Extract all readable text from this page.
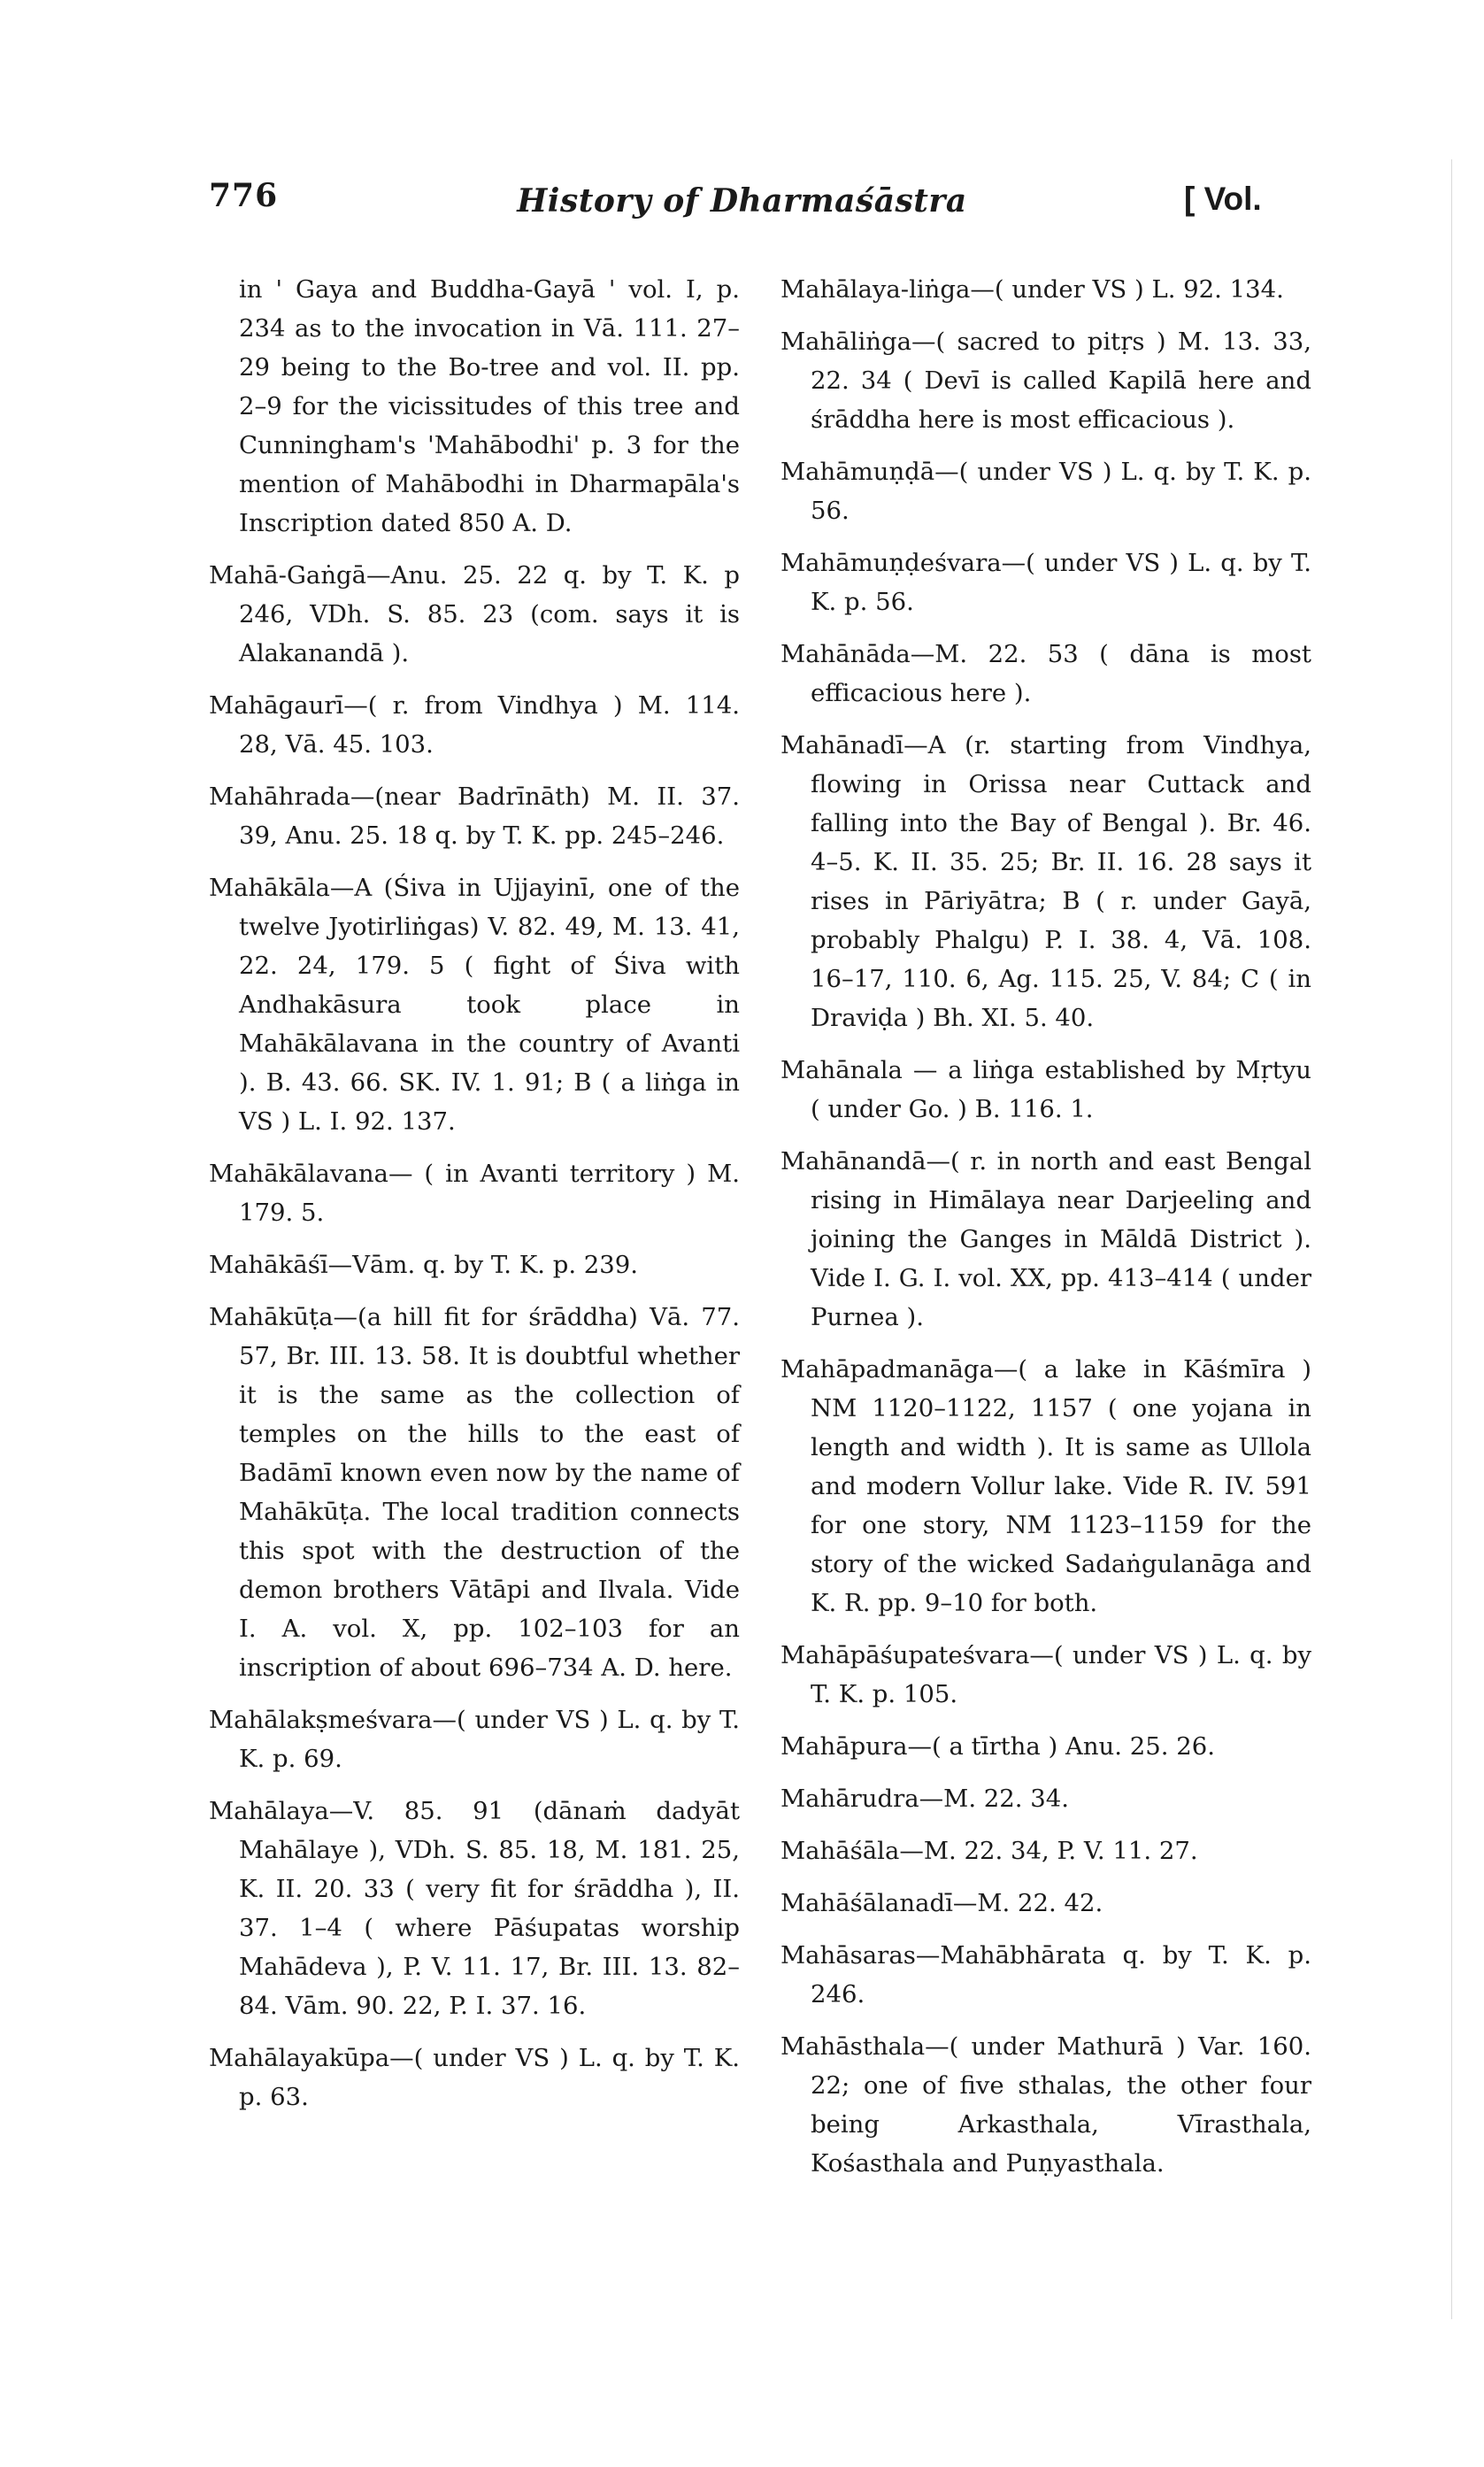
776	History of Dharmaśāstra	[ Vol.

in ' Gaya and Buddha-Gayā ' vol. I, p. 234 as to the invocation in Vā. 111. 27–29 being to the Bo-tree and vol. II. pp. 2–9 for the vicissitudes of this tree and Cunningham's 'Mahābodhi' p. 3 for the mention of Mahābodhi in Dharmapāla's Inscription dated 850 A. D.

Mahā-Gaṅgā—Anu. 25. 22 q. by T. K. p 246, VDh. S. 85. 23 (com. says it is Alakanandā ).

Mahāgaurī—( r. from Vindhya ) M. 114. 28, Vā. 45. 103.

Mahāhrada—(near Badrīnāth) M. II. 37. 39, Anu. 25. 18 q. by T. K. pp. 245–246.

Mahākāla—A (Śiva in Ujjayinī, one of the twelve Jyotirliṅgas) V. 82. 49, M. 13. 41, 22. 24, 179. 5 ( fight of Śiva with Andhakāsura took place in Mahākālavana in the country of Avanti ). B. 43. 66. SK. IV. 1. 91; B ( a liṅga in VS ) L. I. 92. 137.

Mahākālavana— ( in Avanti territory ) M. 179. 5.

Mahākāśī—Vām. q. by T. K. p. 239.

Mahākūṭa—(a hill fit for śrāddha) Vā. 77. 57, Br. III. 13. 58. It is doubtful whether it is the same as the collection of temples on the hills to the east of Badāmī known even now by the name of Mahākūṭa. The local tradition connects this spot with the destruction of the demon brothers Vātāpi and Ilvala. Vide I. A. vol. X, pp. 102–103 for an inscription of about 696–734 A. D. here.

Mahālakṣmeśvara—( under VS ) L. q. by T. K. p. 69.

Mahālaya—V. 85. 91 (dānaṁ dadyāt Mahālaye ), VDh. S. 85. 18, M. 181. 25, K. II. 20. 33 ( very fit for śrāddha ), II. 37. 1–4 ( where Pāśupatas worship Mahādeva ), P. V. 11. 17, Br. III. 13. 82–84. Vām. 90. 22, P. I. 37. 16.

Mahālayakūpa—( under VS ) L. q. by T. K. p. 63.

Mahālaya-liṅga—( under VS ) L. 92. 134.

Mahāliṅga—( sacred to pitṛs ) M. 13. 33, 22. 34 ( Devī is called Kapilā here and śrāddha here is most efficacious ).

Mahāmuṇḍā—( under VS ) L. q. by T. K. p. 56.

Mahāmuṇḍeśvara—( under VS ) L. q. by T. K. p. 56.

Mahānāda—M. 22. 53 ( dāna is most efficacious here ).

Mahānadī—A (r. starting from Vindhya, flowing in Orissa near Cuttack and falling into the Bay of Bengal ). Br. 46. 4–5. K. II. 35. 25; Br. II. 16. 28 says it rises in Pāriyātra; B ( r. under Gayā, probably Phalgu) P. I. 38. 4, Vā. 108. 16–17, 110. 6, Ag. 115. 25, V. 84; C ( in Draviḍa ) Bh. XI. 5. 40.

Mahānala — a liṅga established by Mṛtyu ( under Go. ) B. 116. 1.

Mahānandā—( r. in north and east Bengal rising in Himālaya near Darjeeling and joining the Ganges in Māldā District ). Vide I. G. I. vol. XX, pp. 413–414 ( under Purnea ).

Mahāpadmanāga—( a lake in Kāśmīra ) NM 1120–1122, 1157 ( one yojana in length and width ). It is same as Ullola and modern Vollur lake. Vide R. IV. 591 for one story, NM 1123–1159 for the story of the wicked Sadaṅgulanāga and K. R. pp. 9–10 for both.

Mahāpāśupateśvara—( under VS ) L. q. by T. K. p. 105.

Mahāpura—( a tīrtha ) Anu. 25. 26.

Mahārudra—M. 22. 34.

Mahāśāla—M. 22. 34, P. V. 11. 27.

Mahāśālanadī—M. 22. 42.

Mahāsaras—Mahābhārata q. by T. K. p. 246.

Mahāsthala—( under Mathurā ) Var. 160. 22; one of five sthalas, the other four being Arkasthala, Vīrasthala, Kośasthala and Puṇyasthala.
